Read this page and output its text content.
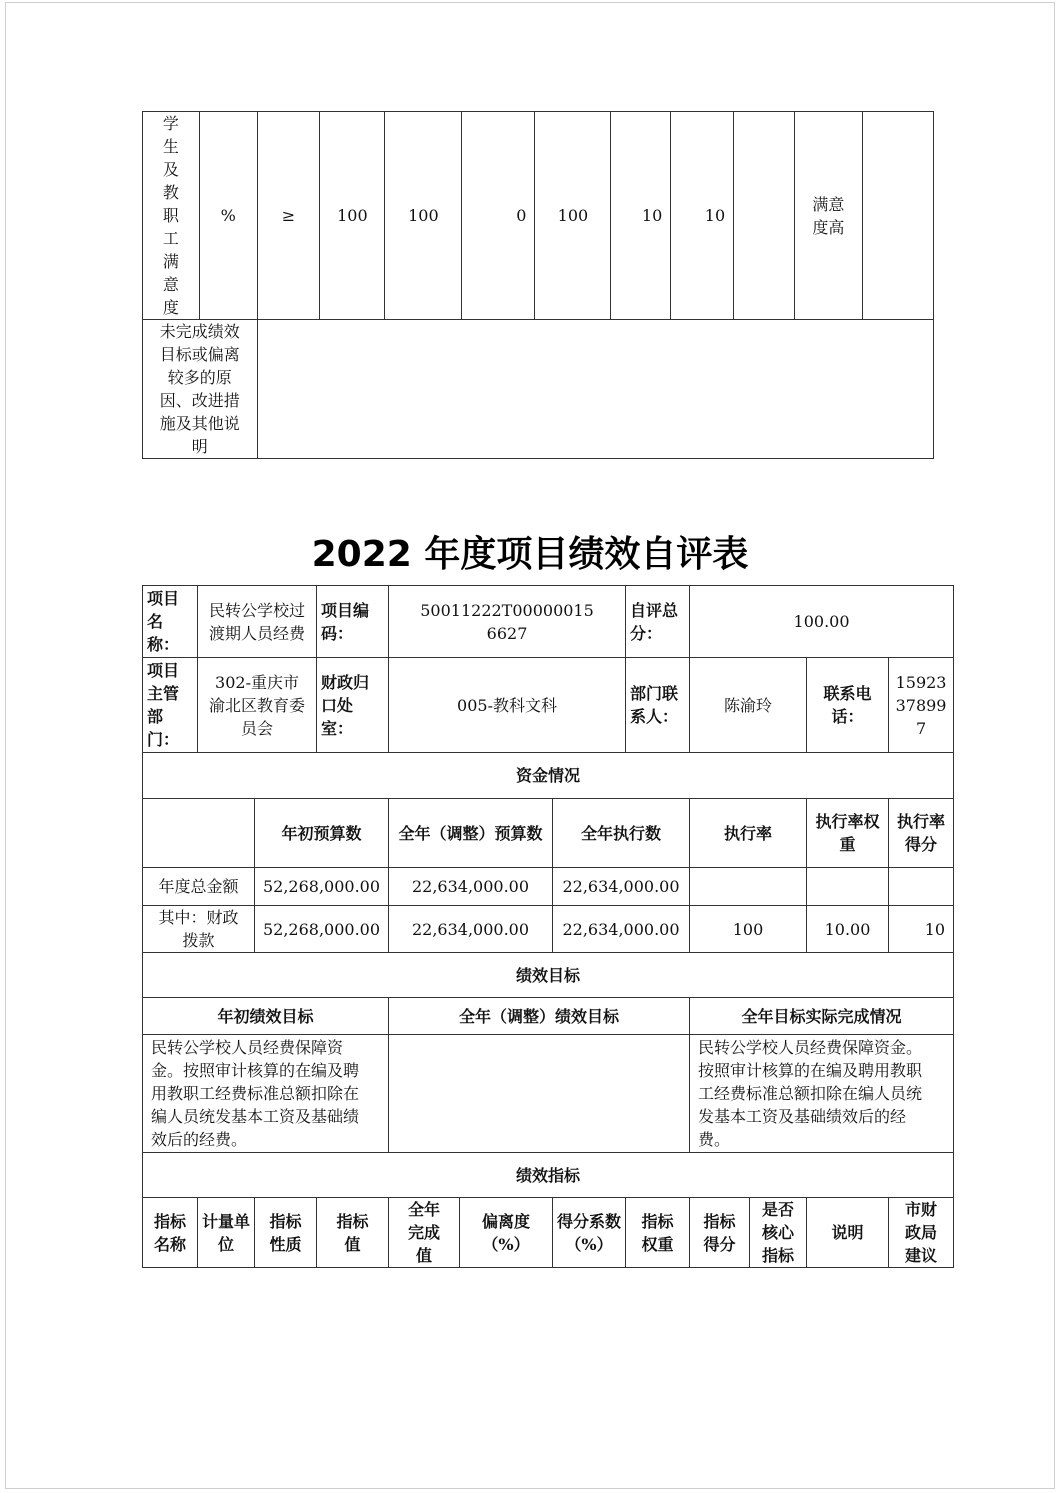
学生及教职工满意度	%	≥	100	100	0	100	10	10		满意度高	
未完成绩效目标或偏离较多的原因、改进措施及其他说明											
2022 年度项目绩效自评表
项目名称：	民转公学校过渡期人员经费		项目编码：	50011222T000000156627			自评总分：	100.00			
项目主管部门：	302-重庆市渝北区教育委员会		财政归口处室：	005-教科文科			部门联系人：	陈渝玲		联系电话：	15923378997
资金情况											
		年初预算数		全年（调整）预算数		全年执行数		执行率		执行率权重	执行率得分
年度总金额		52,268,000.00		22,634,000.00		22,634,000.00					
其中：财政拨款		52,268,000.00		22,634,000.00		22,634,000.00		100		10.00	10
绩效目标											
年初绩效目标				全年（调整）绩效目标				全年目标实际完成情况			
民转公学校人员经费保障资金。按照审计核算的在编及聘用教职工经费标准总额扣除在编人员统发基本工资及基础绩效后的经费。								民转公学校人员经费保障资金。按照审计核算的在编及聘用教职工经费标准总额扣除在编人员统发基本工资及基础绩效后的经费。			
绩效指标											
指标名称	计量单位	指标性质	指标值	全年完成值	偏离度（%）	得分系数（%）	指标权重	指标得分	是否核心指标	说明	市财政局建议
